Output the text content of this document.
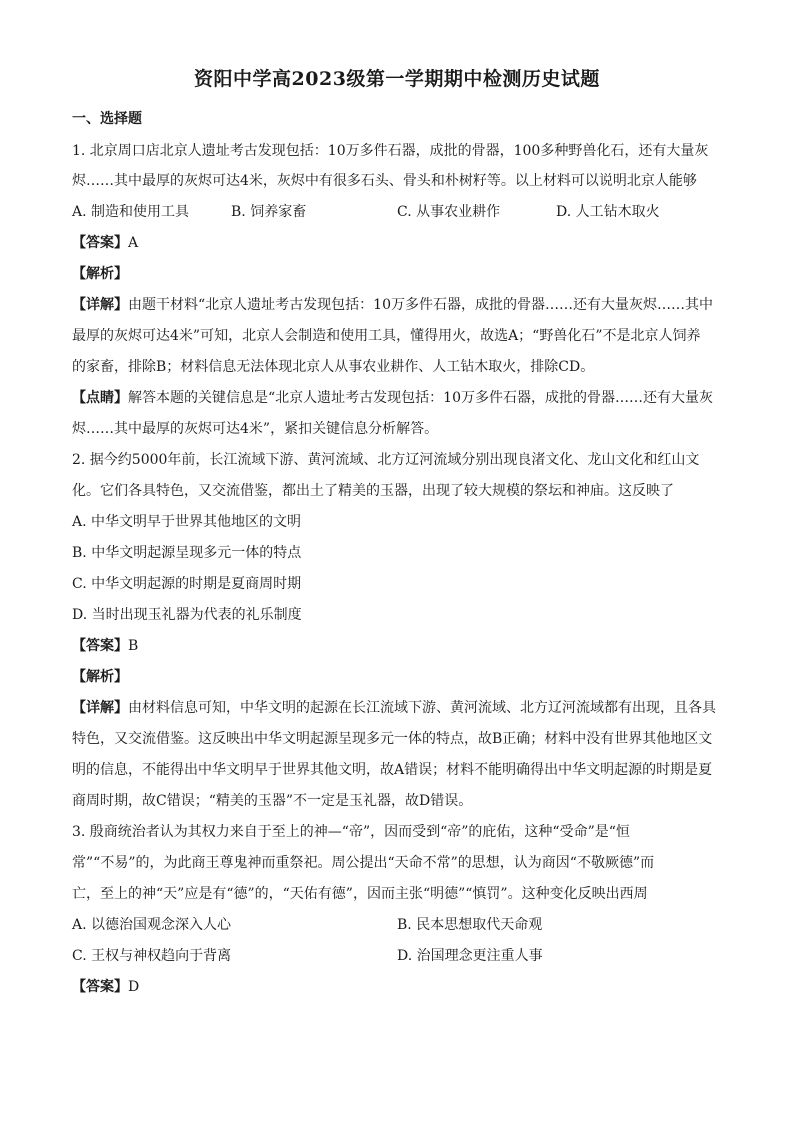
资阳中学高2023级第一学期期中检测历史试题
一、选择题
1. 北京周口店北京人遗址考古发现包括：10万多件石器，成批的骨器，100多种野兽化石，还有大量灰
烬……其中最厚的灰烬可达4米，灰烬中有很多石头、骨头和朴树籽等。以上材料可以说明北京人能够
A. 制造和使用工具	B. 饲养家畜	C. 从事农业耕作	D. 人工钻木取火
【答案】A
【解析】
【详解】由题干材料“北京人遗址考古发现包括：10万多件石器，成批的骨器……还有大量灰烬……其中
最厚的灰烬可达4米”可知，北京人会制造和使用工具，懂得用火，故选A；“野兽化石”不是北京人饲养
的家畜，排除B；材料信息无法体现北京人从事农业耕作、人工钻木取火，排除CD。
【点睛】解答本题的关键信息是“北京人遗址考古发现包括：10万多件石器，成批的骨器……还有大量灰
烬……其中最厚的灰烬可达4米”，紧扣关键信息分析解答。
2. 据今约5000年前，长江流域下游、黄河流域、北方辽河流域分别出现良渚文化、龙山文化和红山文
化。它们各具特色，又交流借鉴，都出土了精美的玉器，出现了较大规模的祭坛和神庙。这反映了
A. 中华文明早于世界其他地区的文明
B. 中华文明起源呈现多元一体的特点
C. 中华文明起源的时期是夏商周时期
D. 当时出现玉礼器为代表的礼乐制度
【答案】B
【解析】
【详解】由材料信息可知，中华文明的起源在长江流域下游、黄河流域、北方辽河流域都有出现，且各具
特色，又交流借鉴。这反映出中华文明起源呈现多元一体的特点，故B正确；材料中没有世界其他地区文
明的信息，不能得出中华文明早于世界其他文明，故A错误；材料不能明确得出中华文明起源的时期是夏
商周时期，故C错误；“精美的玉器”不一定是玉礼器，故D错误。
3. 殷商统治者认为其权力来自于至上的神—“帝”，因而受到“帝”的庇佑，这种“受命”是“恒
常”“不易”的，为此商王尊鬼神而重祭祀。周公提出“天命不常”的思想，认为商因“不敬厥德”而
亡，至上的神“天”应是有“德”的，“天佑有德”，因而主张“明德”“慎罚”。这种变化反映出西周
A. 以德治国观念深入人心	B. 民本思想取代天命观
C. 王权与神权趋向于背离	D. 治国理念更注重人事
【答案】D
